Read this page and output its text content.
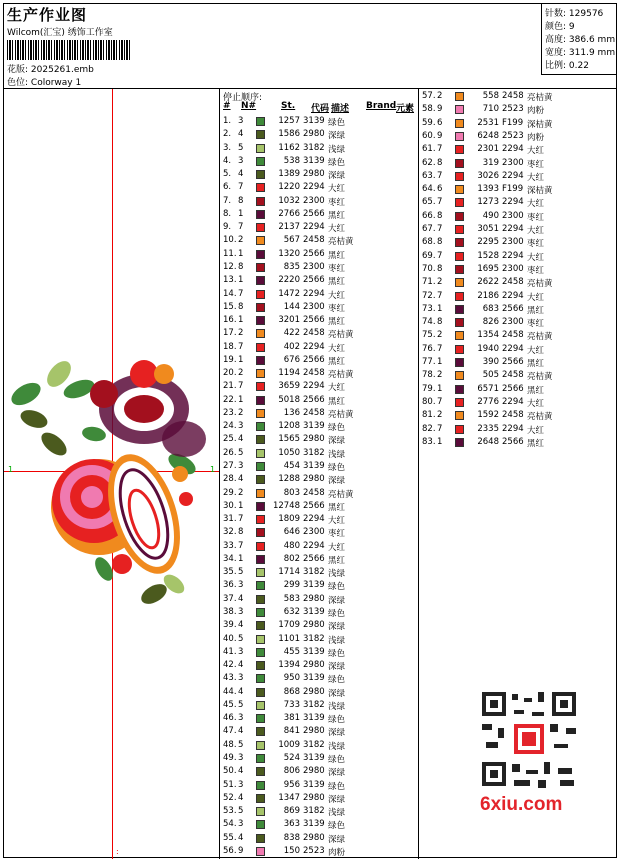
生产作业图
Wilcom(汇宝) 绣饰工作室
花版: 2025261.emb
色位: Colorway 1
针数: 129576
颜色: 9
高度: 386.6 mm
宽度: 311.9 mm
比例: 0.22
1	1
:
停止顺序:
# N#	St. 代码 描述 Brand 元素
1. 3	1257 3139 绿色
2. 4	1586 2980 深绿
3. 5	1162 3182 浅绿
4. 3	538 3139 绿色
5. 4	1389 2980 深绿
6. 7	1220 2294 大红
7. 8	1032 2300 枣红
8. 1	2766 2566 黑红
9. 7	2137 2294 大红
10. 2	567 2458 亮桔黄
11. 1	1320 2566 黑红
12. 8	835 2300 枣红
13. 1	2220 2566 黑红
14. 7	1472 2294 大红
15. 8	144 2300 枣红
16. 1	3201 2566 黑红
17. 2	422 2458 亮桔黄
18. 7	402 2294 大红
19. 1	676 2566 黑红
20. 2	1194 2458 亮桔黄
21. 7	3659 2294 大红
22. 1	5018 2566 黑红
23. 2	136 2458 亮桔黄
24. 3	1208 3139 绿色
25. 4	1565 2980 深绿
26. 5	1050 3182 浅绿
27. 3	454 3139 绿色
28. 4	1288 2980 深绿
29. 2	803 2458 亮桔黄
30. 1	12748 2566 黑红
31. 7	1809 2294 大红
32. 8	646 2300 枣红
33. 7	480 2294 大红
34. 1	802 2566 黑红
35. 5	1714 3182 浅绿
36. 3	299 3139 绿色
37. 4	583 2980 深绿
38. 3	632 3139 绿色
39. 4	1709 2980 深绿
40. 5	1101 3182 浅绿
41. 3	455 3139 绿色
42. 4	1394 2980 深绿
43. 3	950 3139 绿色
44. 4	868 2980 深绿
45. 5	733 3182 浅绿
46. 3	381 3139 绿色
47. 4	841 2980 深绿
48. 5	1009 3182 浅绿
49. 3	524 3139 绿色
50. 4	806 2980 深绿
51. 3	956 3139 绿色
52. 4	1347 2980 深绿
53. 5	869 3182 浅绿
54. 3	363 3139 绿色
55. 4	838 2980 深绿
56. 9	150 2523 肉粉
57. 2	558 2458 亮桔黄
58. 9	710 2523 肉粉
59. 6	2531 F199 深桔黄
60. 9	6248 2523 肉粉
61. 7	2301 2294 大红
62. 8	319 2300 枣红
63. 7	3026 2294 大红
64. 6	1393 F199 深桔黄
65. 7	1273 2294 大红
66. 8	490 2300 枣红
67. 7	3051 2294 大红
68. 8	2295 2300 枣红
69. 7	1528 2294 大红
70. 8	1695 2300 枣红
71. 2	2622 2458 亮桔黄
72. 7	2186 2294 大红
73. 1	683 2566 黑红
74. 8	826 2300 枣红
75. 2	1354 2458 亮桔黄
76. 7	1940 2294 大红
77. 1	390 2566 黑红
78. 2	505 2458 亮桔黄
79. 1	6571 2566 黑红
80. 7	2776 2294 大红
81. 2	1592 2458 亮桔黄
82. 7	2335 2294 大红
83. 1	2648 2566 黑红
6xiu.com
